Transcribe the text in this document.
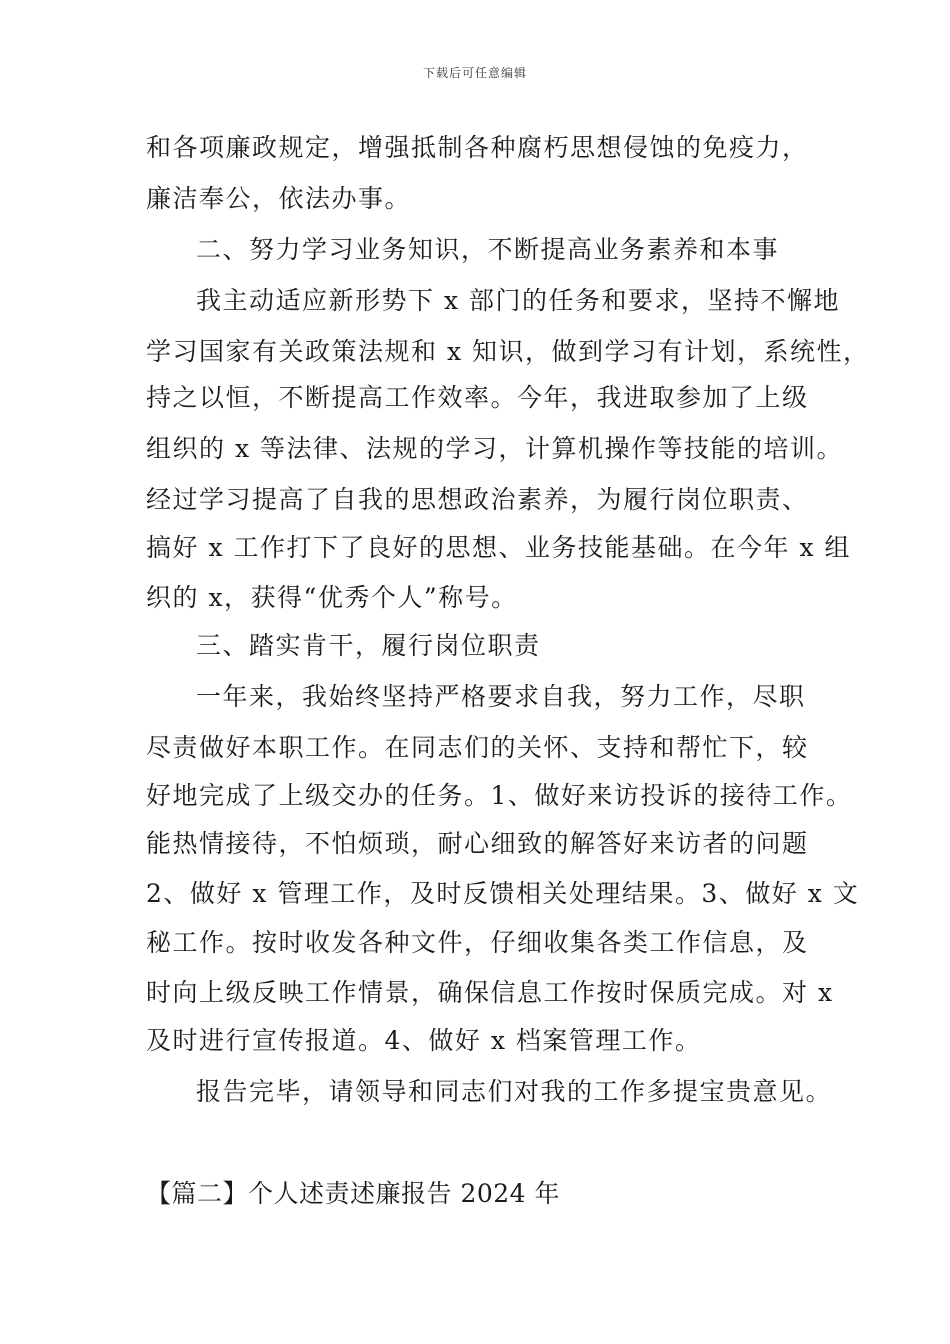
下载后可任意编辑
和各项廉政规定，增强抵制各种腐朽思想侵蚀的免疫力，
廉洁奉公，依法办事。
二、努力学习业务知识，不断提高业务素养和本事
我主动适应新形势下 x 部门的任务和要求，坚持不懈地
学习国家有关政策法规和 x 知识，做到学习有计划，系统性，
持之以恒，不断提高工作效率。今年，我进取参加了上级
组织的 x 等法律、法规的学习，计算机操作等技能的培训。
经过学习提高了自我的思想政治素养，为履行岗位职责、
搞好 x 工作打下了良好的思想、业务技能基础。在今年 x 组
织的 x，获得“优秀个人”称号。
三、踏实肯干，履行岗位职责
一年来，我始终坚持严格要求自我，努力工作，尽职
尽责做好本职工作。在同志们的关怀、支持和帮忙下，较
好地完成了上级交办的任务。1、做好来访投诉的接待工作。
能热情接待，不怕烦琐，耐心细致的解答好来访者的问题
2、做好 x 管理工作，及时反馈相关处理结果。3、做好 x 文
秘工作。按时收发各种文件，仔细收集各类工作信息，及
时向上级反映工作情景，确保信息工作按时保质完成。对 x
及时进行宣传报道。4、做好 x 档案管理工作。
报告完毕，请领导和同志们对我的工作多提宝贵意见。
【篇二】个人述责述廉报告 2024 年
